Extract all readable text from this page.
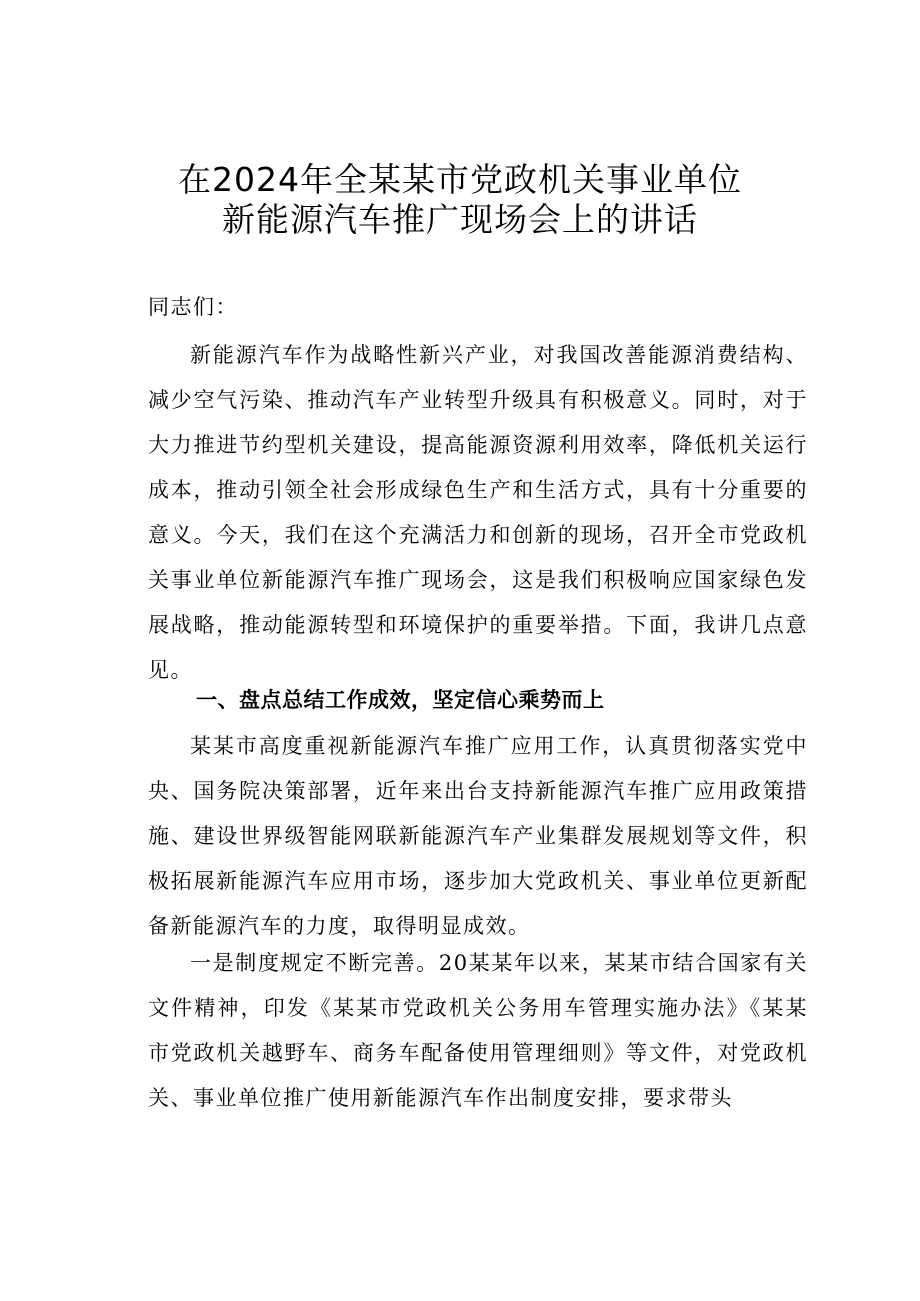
在2024年全某某市党政机关事业单位
新能源汽车推广现场会上的讲话
同志们：

新能源汽车作为战略性新兴产业，对我国改善能源消费结构、减少空气污染、推动汽车产业转型升级具有积极意义。同时，对于大力推进节约型机关建设，提高能源资源利用效率，降低机关运行成本，推动引领全社会形成绿色生产和生活方式，具有十分重要的意义。今天，我们在这个充满活力和创新的现场，召开全市党政机关事业单位新能源汽车推广现场会，这是我们积极响应国家绿色发展战略，推动能源转型和环境保护的重要举措。下面，我讲几点意见。

一、盘点总结工作成效，坚定信心乘势而上

某某市高度重视新能源汽车推广应用工作，认真贯彻落实党中央、国务院决策部署，近年来出台支持新能源汽车推广应用政策措施、建设世界级智能网联新能源汽车产业集群发展规划等文件，积极拓展新能源汽车应用市场，逐步加大党政机关、事业单位更新配备新能源汽车的力度，取得明显成效。

一是制度规定不断完善。20某某年以来，某某市结合国家有关文件精神，印发《某某市党政机关公务用车管理实施办法》《某某市党政机关越野车、商务车配备使用管理细则》等文件，对党政机关、事业单位推广使用新能源汽车作出制度安排，要求带头
